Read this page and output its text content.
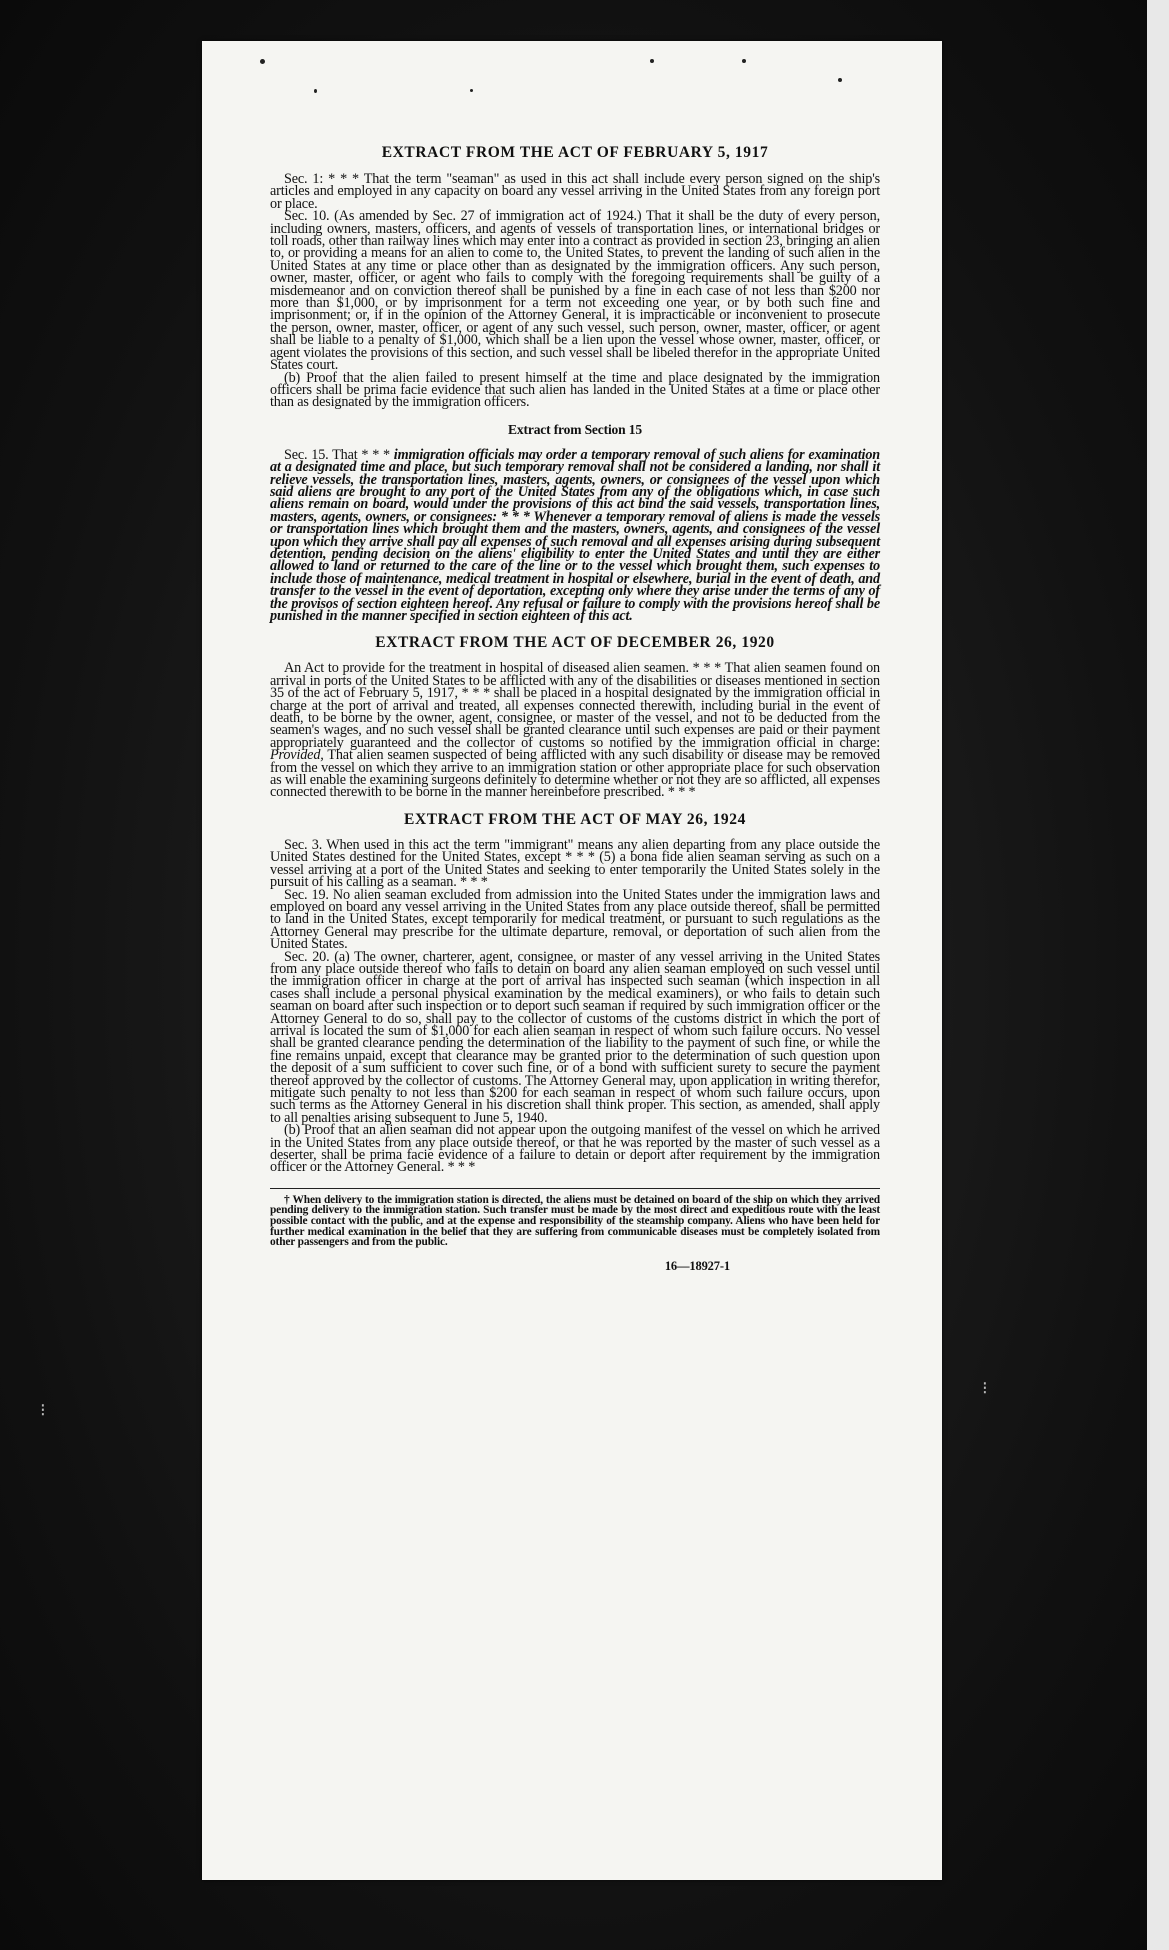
⁝
⁝
EXTRACT FROM THE ACT OF FEBRUARY 5, 1917

Sec. 1: * * * That the term "seaman" as used in this act shall include every person signed on the ship's articles and employed in any capacity on board any vessel arriving in the United States from any foreign port or place.

Sec. 10. (As amended by Sec. 27 of immigration act of 1924.) That it shall be the duty of every person, including owners, masters, officers, and agents of vessels of transportation lines, or international bridges or toll roads, other than railway lines which may enter into a contract as provided in section 23, bringing an alien to, or providing a means for an alien to come to, the United States, to prevent the landing of such alien in the United States at any time or place other than as designated by the immigration officers. Any such person, owner, master, officer, or agent who fails to comply with the foregoing requirements shall be guilty of a misdemeanor and on conviction thereof shall be punished by a fine in each case of not less than $200 nor more than $1,000, or by imprisonment for a term not exceeding one year, or by both such fine and imprisonment; or, if in the opinion of the Attorney General, it is impracticable or inconvenient to prosecute the person, owner, master, officer, or agent of any such vessel, such person, owner, master, officer, or agent shall be liable to a penalty of $1,000, which shall be a lien upon the vessel whose owner, master, officer, or agent violates the provisions of this section, and such vessel shall be libeled therefor in the appropriate United States court.

(b) Proof that the alien failed to present himself at the time and place designated by the immigration officers shall be prima facie evidence that such alien has landed in the United States at a time or place other than as designated by the immigration officers.

Extract from Section 15

Sec. 15. That * * * immigration officials may order a temporary removal of such aliens for examination at a designated time and place, but such temporary removal shall not be considered a landing, nor shall it relieve vessels, the transportation lines, masters, agents, owners, or consignees of the vessel upon which said aliens are brought to any port of the United States from any of the obligations which, in case such aliens remain on board, would under the provisions of this act bind the said vessels, transportation lines, masters, agents, owners, or consignees: * * * Whenever a temporary removal of aliens is made the vessels or transportation lines which brought them and the masters, owners, agents, and consignees of the vessel upon which they arrive shall pay all expenses of such removal and all expenses arising during subsequent detention, pending decision on the aliens' eligibility to enter the United States and until they are either allowed to land or returned to the care of the line or to the vessel which brought them, such expenses to include those of maintenance, medical treatment in hospital or elsewhere, burial in the event of death, and transfer to the vessel in the event of deportation, excepting only where they arise under the terms of any of the provisos of section eighteen hereof. Any refusal or failure to comply with the provisions hereof shall be punished in the manner specified in section eighteen of this act.

EXTRACT FROM THE ACT OF DECEMBER 26, 1920

An Act to provide for the treatment in hospital of diseased alien seamen. * * * That alien seamen found on arrival in ports of the United States to be afflicted with any of the disabilities or diseases mentioned in section 35 of the act of February 5, 1917, * * * shall be placed in a hospital designated by the immigration official in charge at the port of arrival and treated, all expenses connected therewith, including burial in the event of death, to be borne by the owner, agent, consignee, or master of the vessel, and not to be deducted from the seamen's wages, and no such vessel shall be granted clearance until such expenses are paid or their payment appropriately guaranteed and the collector of customs so notified by the immigration official in charge: Provided, That alien seamen suspected of being afflicted with any such disability or disease may be removed from the vessel on which they arrive to an immigration station or other appropriate place for such observation as will enable the examining surgeons definitely to determine whether or not they are so afflicted, all expenses connected therewith to be borne in the manner hereinbefore prescribed. * * *

EXTRACT FROM THE ACT OF MAY 26, 1924

Sec. 3. When used in this act the term "immigrant" means any alien departing from any place outside the United States destined for the United States, except * * * (5) a bona fide alien seaman serving as such on a vessel arriving at a port of the United States and seeking to enter temporarily the United States solely in the pursuit of his calling as a seaman. * * *

Sec. 19. No alien seaman excluded from admission into the United States under the immigration laws and employed on board any vessel arriving in the United States from any place outside thereof, shall be permitted to land in the United States, except temporarily for medical treatment, or pursuant to such regulations as the Attorney General may prescribe for the ultimate departure, removal, or deportation of such alien from the United States.

Sec. 20. (a) The owner, charterer, agent, consignee, or master of any vessel arriving in the United States from any place outside thereof who fails to detain on board any alien seaman employed on such vessel until the immigration officer in charge at the port of arrival has inspected such seaman (which inspection in all cases shall include a personal physical examination by the medical examiners), or who fails to detain such seaman on board after such inspection or to deport such seaman if required by such immigration officer or the Attorney General to do so, shall pay to the collector of customs of the customs district in which the port of arrival is located the sum of $1,000 for each alien seaman in respect of whom such failure occurs. No vessel shall be granted clearance pending the determination of the liability to the payment of such fine, or while the fine remains unpaid, except that clearance may be granted prior to the determination of such question upon the deposit of a sum sufficient to cover such fine, or of a bond with sufficient surety to secure the payment thereof approved by the collector of customs. The Attorney General may, upon application in writing therefor, mitigate such penalty to not less than $200 for each seaman in respect of whom such failure occurs, upon such terms as the Attorney General in his discretion shall think proper. This section, as amended, shall apply to all penalties arising subsequent to June 5, 1940.

(b) Proof that an alien seaman did not appear upon the outgoing manifest of the vessel on which he arrived in the United States from any place outside thereof, or that he was reported by the master of such vessel as a deserter, shall be prima facie evidence of a failure to detain or deport after requirement by the immigration officer or the Attorney General. * * *

† When delivery to the immigration station is directed, the aliens must be detained on board of the ship on which they arrived pending delivery to the immigration station. Such transfer must be made by the most direct and expeditious route with the least possible contact with the public, and at the expense and responsibility of the steamship company. Aliens who have been held for further medical examination in the belief that they are suffering from communicable diseases must be completely isolated from other passengers and from the public.

16—18927-1
